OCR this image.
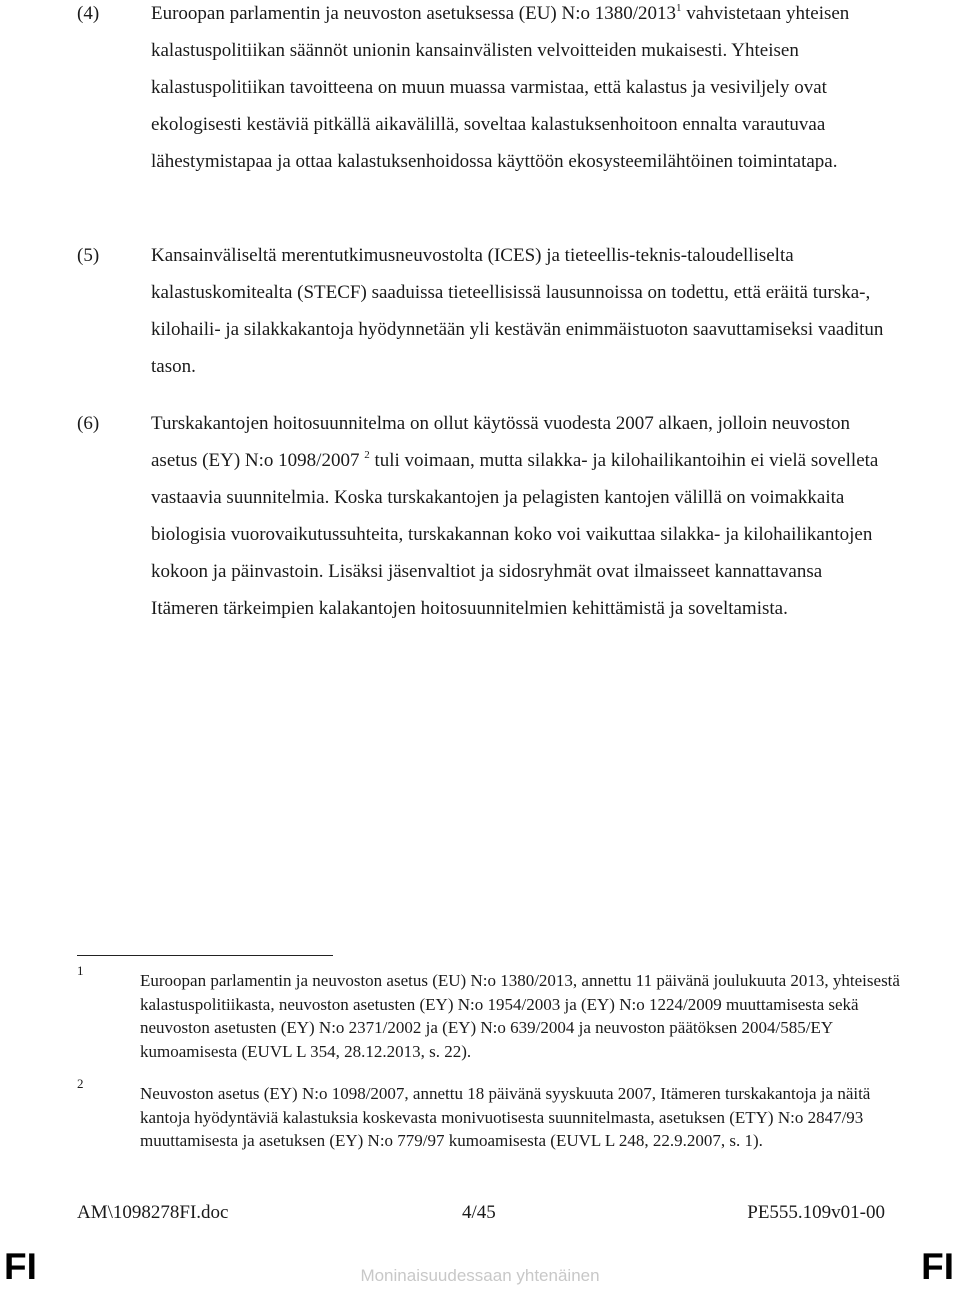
(4)	Euroopan parlamentin ja neuvoston asetuksessa (EU) N:o 1380/2013$^1$ vahvistetaan yhteisen kalastuspolitiikan säännöt unionin kansainvälisten velvoitteiden mukaisesti. Yhteisen kalastuspolitiikan tavoitteena on muun muassa varmistaa, että kalastus ja vesiviljely ovat ekologisesti kestäviä pitkällä aikavälillä, soveltaa kalastuksenhoitoon ennalta varautuvaa lähestymistapaa ja ottaa kalastuksenhoidossa käyttöön ekosysteemilähtöinen toimintatapa.
(5)	Kansainväliseltä merentutkimusneuvostolta (ICES) ja tieteellis-teknis-taloudelliselta kalastuskomitealta (STECF) saaduissa tieteellisissä lausunnoissa on todettu, että eräitä turska-, kilohaili- ja silakkakantoja hyödynnetään yli kestävän enimmäistuoton saavuttamiseksi vaaditun tason.
(6)	Turskakantojen hoitosuunnitelma on ollut käytössä vuodesta 2007 alkaen, jolloin neuvoston asetus (EY) N:o 1098/2007 $^2$ tuli voimaan, mutta silakka- ja kilohailikantoihin ei vielä sovelleta vastaavia suunnitelmia. Koska turskakantojen ja pelagisten kantojen välillä on voimakkaita biologisia vuorovaikutussuhteita, turskakannan koko voi vaikuttaa silakka- ja kilohailikantojen kokoon ja päinvastoin. Lisäksi jäsenvaltiot ja sidosryhmät ovat ilmaisseet kannattavansa Itämeren tärkeimpien kalakantojen hoitosuunnitelmien kehittämistä ja soveltamista.
1
Euroopan parlamentin ja neuvoston asetus (EU) N:o 1380/2013, annettu 11 päivänä joulukuuta 2013, yhteisestä kalastuspolitiikasta, neuvoston asetusten (EY) N:o 1954/2003 ja (EY) N:o 1224/2009 muuttamisesta sekä neuvoston asetusten (EY) N:o 2371/2002 ja (EY) N:o 639/2004 ja neuvoston päätöksen 2004/585/EY kumoamisesta (EUVL L 354, 28.12.2013, s. 22).
2
Neuvoston asetus (EY) N:o 1098/2007, annettu 18 päivänä syyskuuta 2007, Itämeren turskakantoja ja näitä kantoja hyödyntäviä kalastuksia koskevasta monivuotisesta suunnitelmasta, asetuksen (ETY) N:o 2847/93 muuttamisesta ja asetuksen (EY) N:o 779/97 kumoamisesta (EUVL L 248, 22.9.2007, s. 1).
AM\1098278FI.doc	4/45	PE555.109v01-00
FI	Moninaisuudessaan yhtenäinen	FI
